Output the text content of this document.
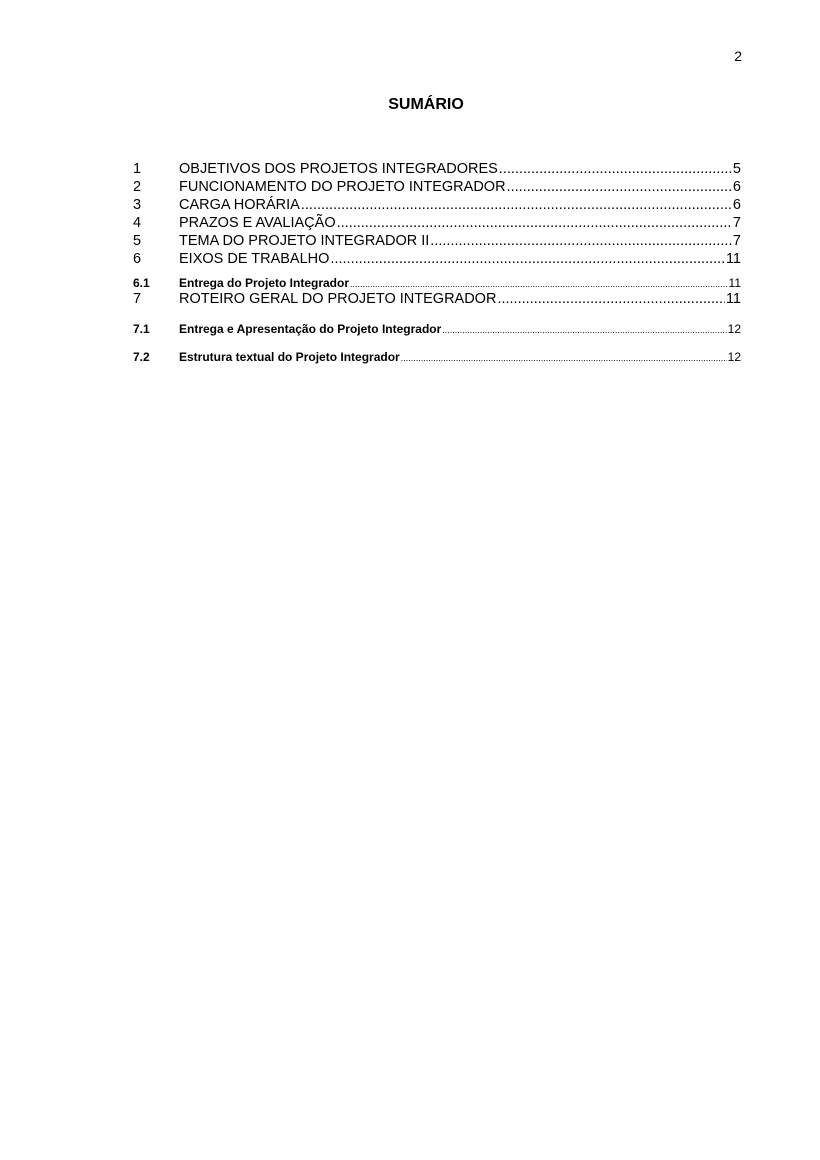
2
SUMÁRIO
1	OBJETIVOS DOS PROJETOS INTEGRADORES .....	5
2	FUNCIONAMENTO DO PROJETO INTEGRADOR .....	6
3	CARGA HORÁRIA .....	6
4	PRAZOS E AVALIAÇÃO .....	7
5	TEMA DO PROJETO INTEGRADOR II .....	7
6	EIXOS DE TRABALHO .....	11
6.1	Entrega do Projeto Integrador .....	11
7	ROTEIRO GERAL DO PROJETO INTEGRADOR .....	11
7.1	Entrega e Apresentação do Projeto Integrador .....	12
7.2	Estrutura textual do Projeto Integrador .....	12
